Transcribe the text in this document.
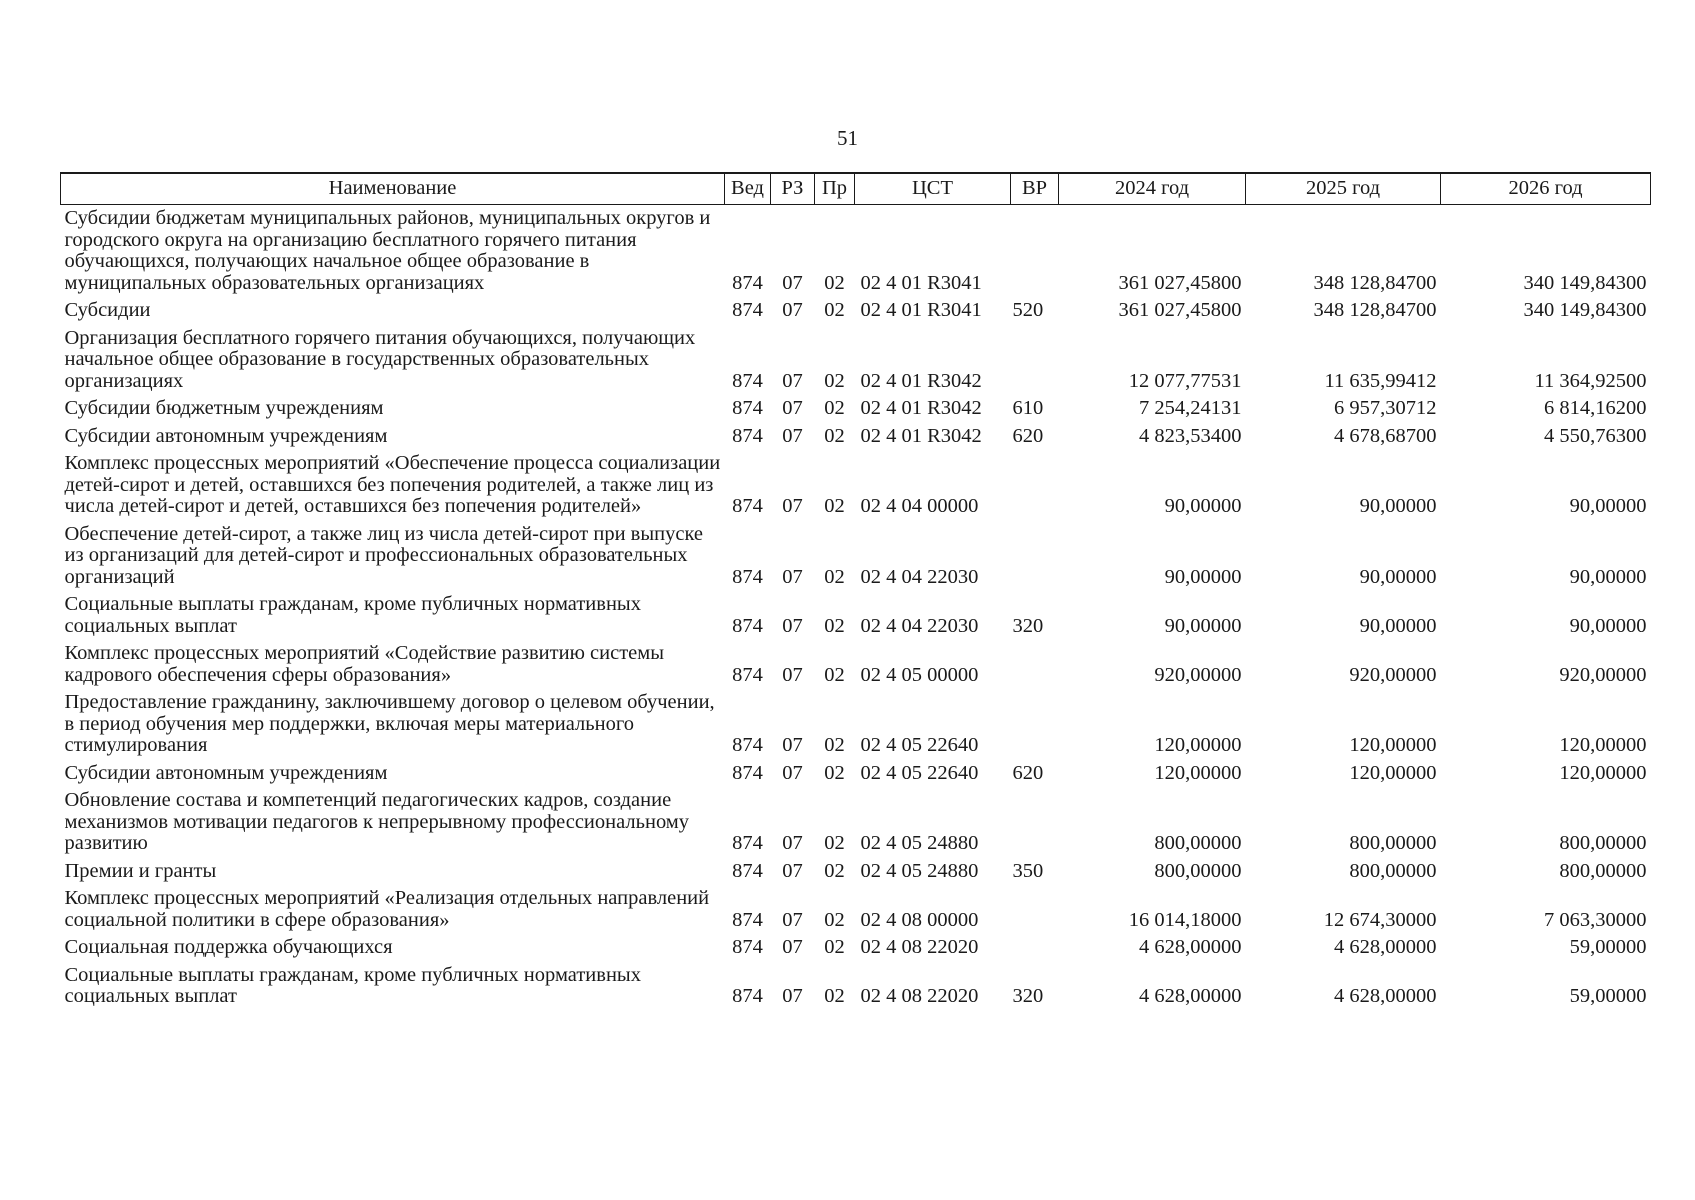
51
Наименование	Вед	РЗ	Пр	ЦСТ	ВР	2024 год	2025 год	2026 год
Субсидии бюджетам муниципальных районов, муниципальных округов и городского округа на организацию бесплатного горячего питания обучающихся, получающих начальное общее образование в муниципальных образовательных организациях	874	07	02	02 4 01 R3041		361 027,45800	348 128,84700	340 149,84300
Субсидии	874	07	02	02 4 01 R3041	520	361 027,45800	348 128,84700	340 149,84300
Организация бесплатного горячего питания обучающихся, получающих начальное общее образование в государственных образовательных организациях	874	07	02	02 4 01 R3042		12 077,77531	11 635,99412	11 364,92500
Субсидии бюджетным учреждениям	874	07	02	02 4 01 R3042	610	7 254,24131	6 957,30712	6 814,16200
Субсидии автономным учреждениям	874	07	02	02 4 01 R3042	620	4 823,53400	4 678,68700	4 550,76300
Комплекс процессных мероприятий «Обеспечение процесса социализации детей-сирот и детей, оставшихся без попечения родителей, а также лиц из числа детей-сирот и детей, оставшихся без попечения родителей»	874	07	02	02 4 04 00000		90,00000	90,00000	90,00000
Обеспечение детей-сирот, а также лиц из числа детей-сирот при выпуске из организаций для детей-сирот и профессиональных образовательных организаций	874	07	02	02 4 04 22030		90,00000	90,00000	90,00000
Социальные выплаты гражданам, кроме публичных нормативных социальных выплат	874	07	02	02 4 04 22030	320	90,00000	90,00000	90,00000
Комплекс процессных мероприятий «Содействие развитию системы кадрового обеспечения сферы образования»	874	07	02	02 4 05 00000		920,00000	920,00000	920,00000
Предоставление гражданину, заключившему договор о целевом обучении, в период обучения мер поддержки, включая меры материального стимулирования	874	07	02	02 4 05 22640		120,00000	120,00000	120,00000
Субсидии автономным учреждениям	874	07	02	02 4 05 22640	620	120,00000	120,00000	120,00000
Обновление состава и компетенций педагогических кадров, создание механизмов мотивации педагогов к непрерывному профессиональному развитию	874	07	02	02 4 05 24880		800,00000	800,00000	800,00000
Премии и гранты	874	07	02	02 4 05 24880	350	800,00000	800,00000	800,00000
Комплекс процессных мероприятий «Реализация отдельных направлений социальной политики в сфере образования»	874	07	02	02 4 08 00000		16 014,18000	12 674,30000	7 063,30000
Социальная поддержка обучающихся	874	07	02	02 4 08 22020		4 628,00000	4 628,00000	59,00000
Социальные выплаты гражданам, кроме публичных нормативных социальных выплат	874	07	02	02 4 08 22020	320	4 628,00000	4 628,00000	59,00000
